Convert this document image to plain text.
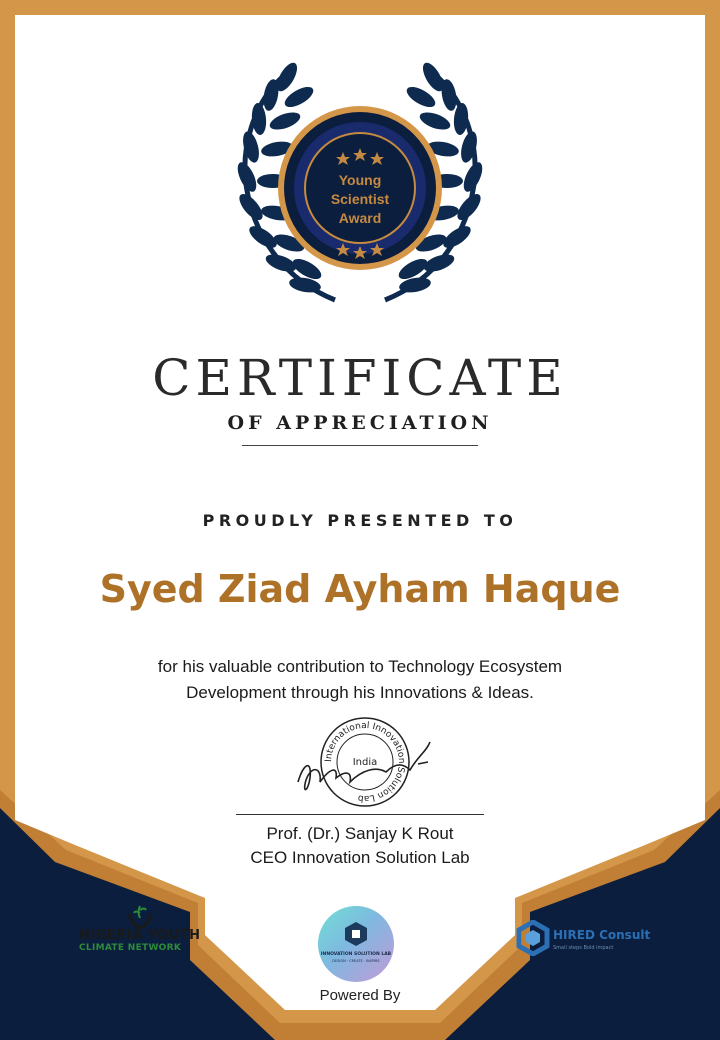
Young
Scientist
Award
CERTIFICATE
OF APPRECIATION
PROUDLY PRESENTED TO
Syed Ziad Ayham Haque
for his valuable contribution to Technology Ecosystem
Development through his Innovations & Ideas.
International Innovation Solution Lab
India
Prof. (Dr.) Sanjay K Rout
CEO Innovation Solution Lab
NIGERIA YOUTH
CLIMATE NETWORK
INNOVATION SOLUTION LAB
DESIGN · CREATE · INSPIRE
Powered By
HIRED Consult
Small steps Bold impact
